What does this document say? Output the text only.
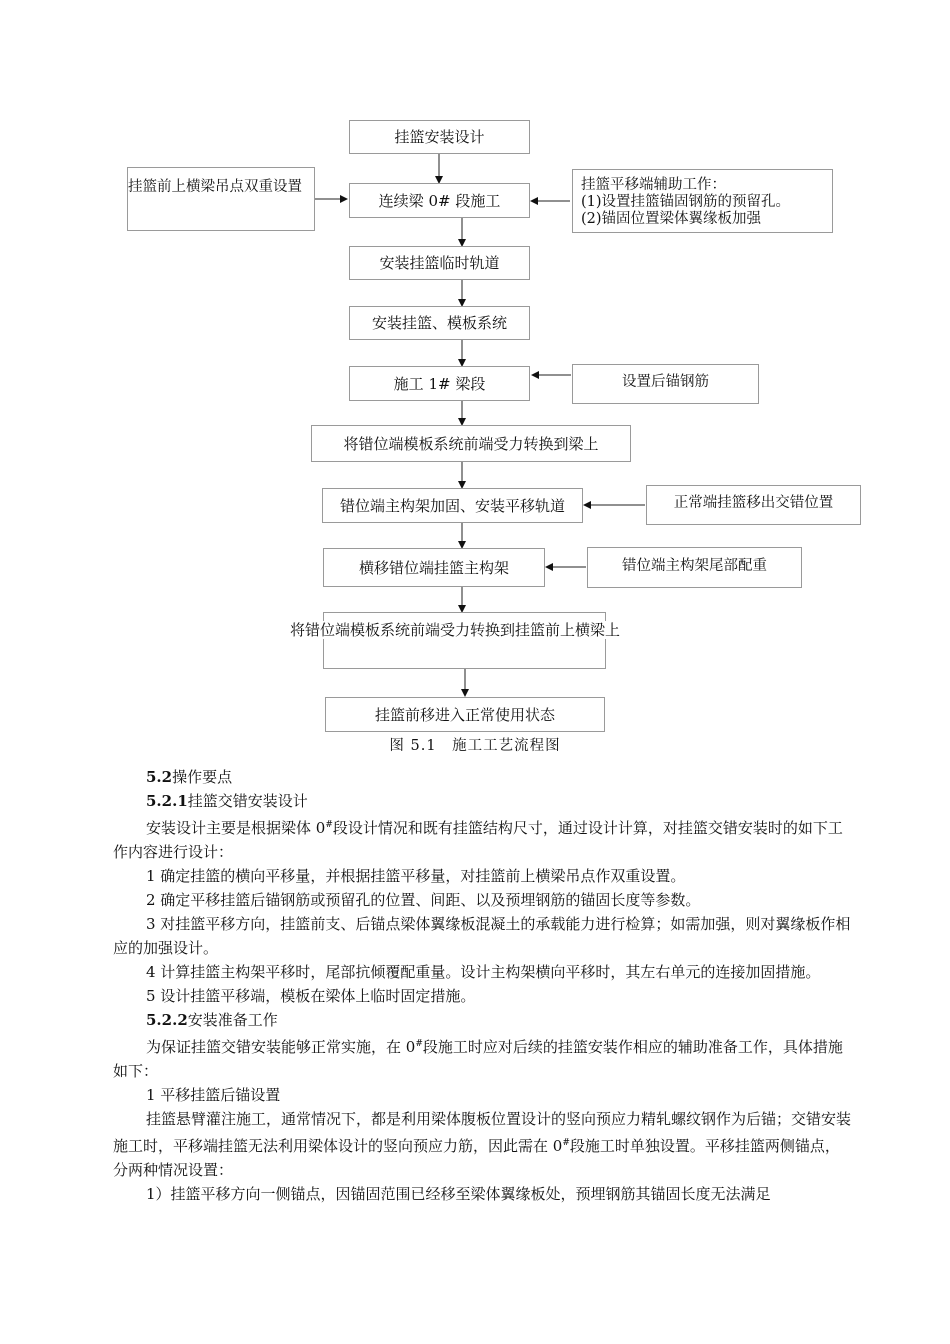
挂篮安装设计
连续梁 0# 段施工
安装挂篮临时轨道
安装挂篮、模板系统
施工 1# 梁段
将错位端模板系统前端受力转换到梁上
错位端主构架加固、安装平移轨道
横移错位端挂篮主构架
将错位端模板系统前端受力转换到挂篮前上横梁上
挂篮前移进入正常使用状态
挂篮前上横梁吊点双重设置	挂篮平移端辅助工作：
(1)设置挂篮锚固钢筋的预留孔。
(2)锚固位置梁体翼缘板加强
设置后锚钢筋
正常端挂篮移出交错位置
错位端主构架尾部配重
图 5.1　施工工艺流程图

5.2操作要点

5.2.1挂篮交错安装设计

安装设计主要是根据梁体 0#段设计情况和既有挂篮结构尺寸，通过设计计算，对挂篮交错安装时的如下工作内容进行设计：

1 确定挂篮的横向平移量，并根据挂篮平移量，对挂篮前上横梁吊点作双重设置。

2 确定平移挂篮后锚钢筋或预留孔的位置、间距、以及预埋钢筋的锚固长度等参数。

3 对挂篮平移方向，挂篮前支、后锚点梁体翼缘板混凝土的承载能力进行检算；如需加强，则对翼缘板作相应的加强设计。

4 计算挂篮主构架平移时，尾部抗倾覆配重量。设计主构架横向平移时，其左右单元的连接加固措施。

5 设计挂篮平移端，模板在梁体上临时固定措施。

5.2.2安装准备工作

为保证挂篮交错安装能够正常实施，在 0#段施工时应对后续的挂篮安装作相应的辅助准备工作，具体措施如下：

1 平移挂篮后锚设置

挂篮悬臂灌注施工，通常情况下，都是利用梁体腹板位置设计的竖向预应力精轧螺纹钢作为后锚；交错安装施工时，平移端挂篮无法利用梁体设计的竖向预应力筋，因此需在 0#段施工时单独设置。平移挂篮两侧锚点，分两种情况设置：

1）挂篮平移方向一侧锚点，因锚固范围已经移至梁体翼缘板处，预埋钢筋其锚固长度无法满足
